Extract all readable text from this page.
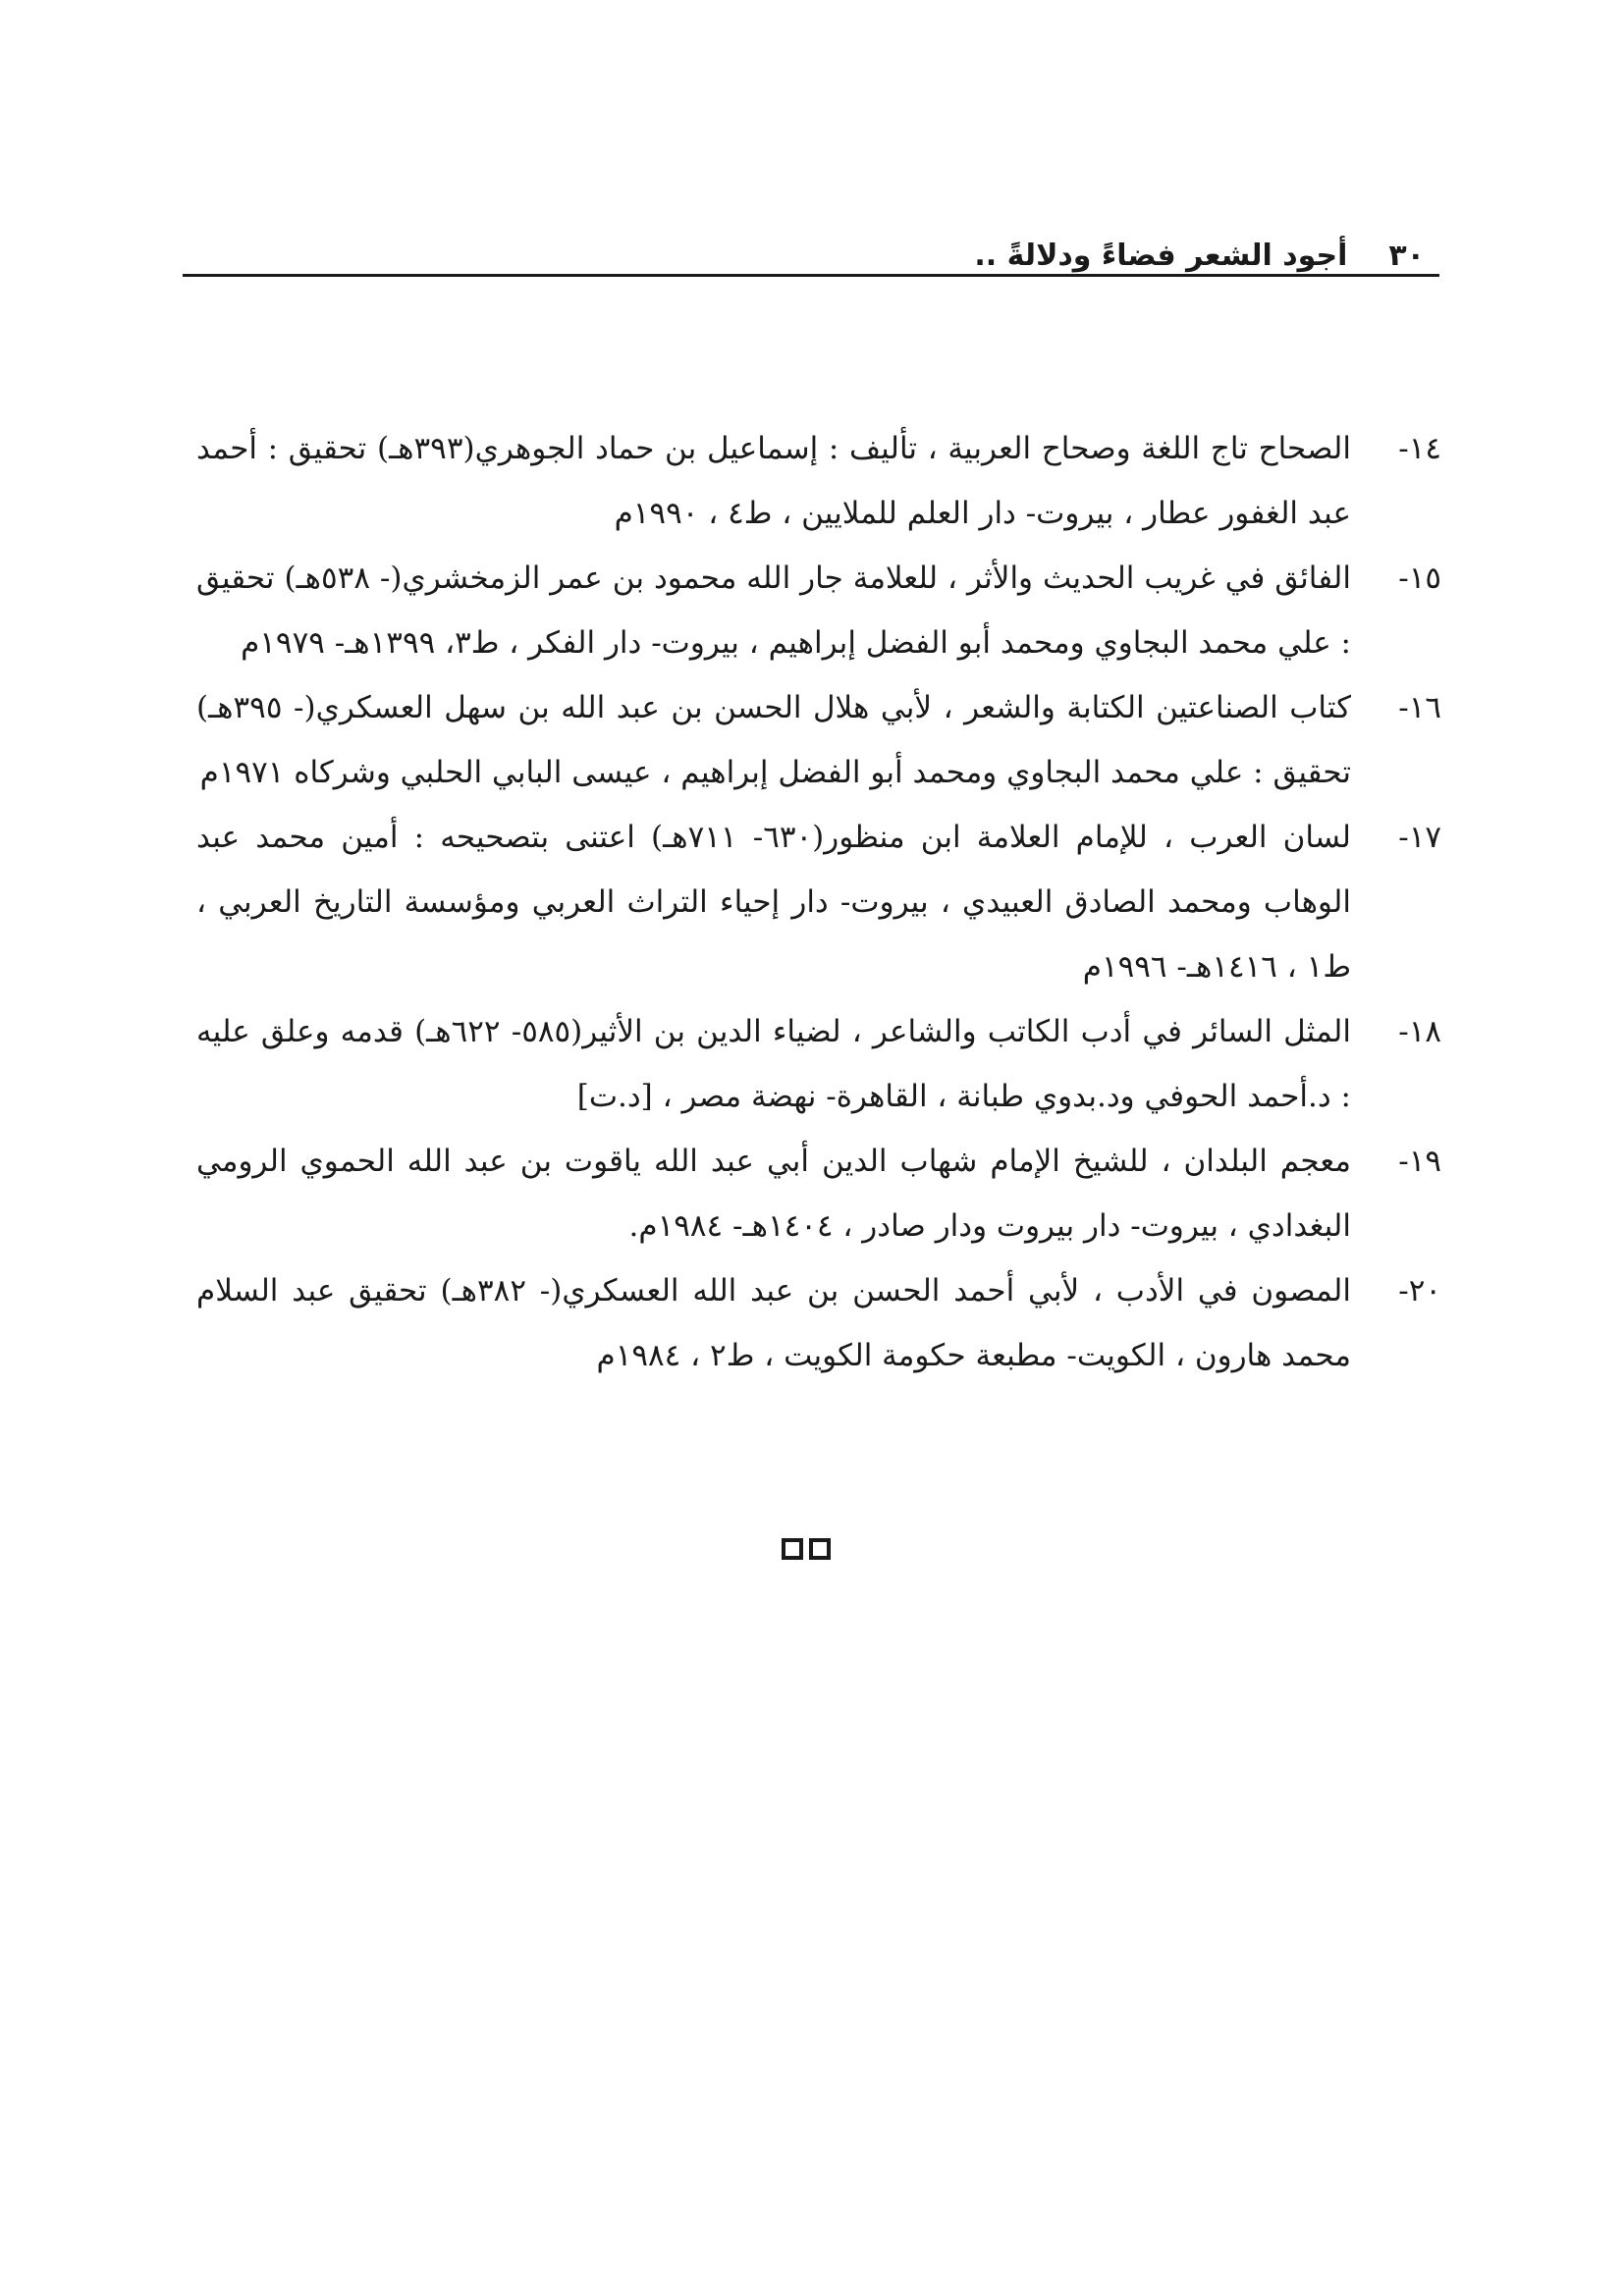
٣٠
أجود الشعر فضاءً ودلالةً ..
١٤-
الصحاح تاج اللغة وصحاح العربية ، تأليف : إسماعيل بن حماد الجوهري(٣٩٣هـ) تحقيق : أحمد عبد الغفور عطار ، بيروت- دار العلم للملايين ، ط٤ ، ١٩٩٠م
١٥-
الفائق في غريب الحديث والأثر ، للعلامة جار الله محمود بن عمر الزمخشري(- ٥٣٨هـ) تحقيق : علي محمد البجاوي ومحمد أبو الفضل إبراهيم ، بيروت- دار الفكر ، ط٣، ١٣٩٩هـ- ١٩٧٩م
١٦-
كتاب الصناعتين الكتابة والشعر ، لأبي هلال الحسن بن عبد الله بن سهل العسكري(- ٣٩٥هـ) تحقيق : علي محمد البجاوي ومحمد أبو الفضل إبراهيم ، عيسى البابي الحلبي وشركاه ١٩٧١م
١٧-
لسان العرب ، للإمام العلامة ابن منظور(٦٣٠- ٧١١هـ) اعتنى بتصحيحه : أمين محمد عبد الوهاب ومحمد الصادق العبيدي ، بيروت- دار إحياء التراث العربي ومؤسسة التاريخ العربي ، ط١ ، ١٤١٦هـ- ١٩٩٦م
١٨-
المثل السائر في أدب الكاتب والشاعر ، لضياء الدين بن الأثير(٥٨٥- ٦٢٢هـ) قدمه وعلق عليه : د.أحمد الحوفي ود.بدوي طبانة ، القاهرة- نهضة مصر ، [د.ت]
١٩-
معجم البلدان ، للشيخ الإمام شهاب الدين أبي عبد الله ياقوت بن عبد الله الحموي الرومي البغدادي ، بيروت- دار بيروت ودار صادر ، ١٤٠٤هـ- ١٩٨٤م.
٢٠-
المصون في الأدب ، لأبي أحمد الحسن بن عبد الله العسكري(- ٣٨٢هـ) تحقيق عبد السلام محمد هارون ، الكويت- مطبعة حكومة الكويت ، ط٢ ، ١٩٨٤م
